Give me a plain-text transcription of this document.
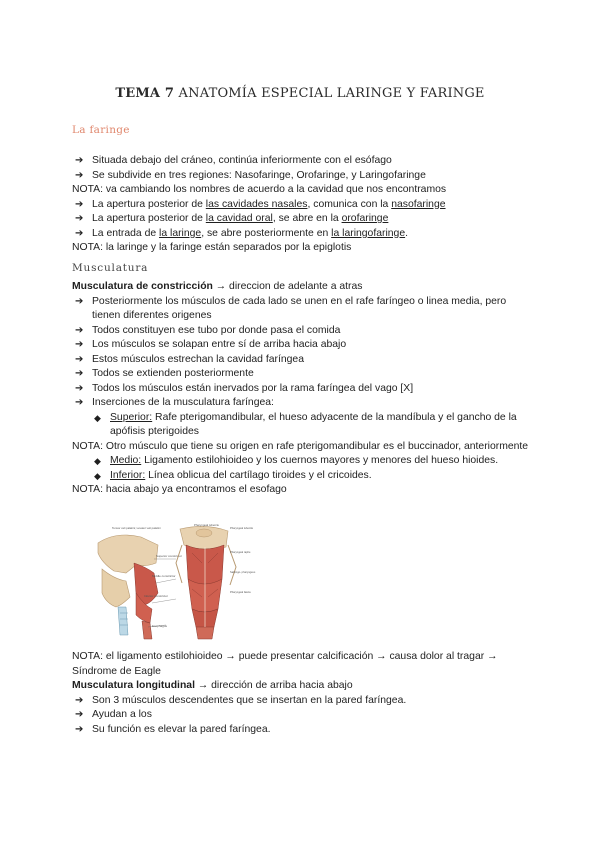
TEMA 7 ANATOMÍA ESPECIAL LARINGE Y FARINGE
La faringe
➔ Situada debajo del cráneo, continúa inferiormente con el esófago
➔ Se subdivide en tres regiones: Nasofaringe, Orofaringe, y Laringofaringe
NOTA: va cambiando los nombres de acuerdo a la cavidad que nos encontramos
➔ La apertura posterior de las cavidades nasales, comunica con la nasofaringe
➔ La apertura posterior de la cavidad oral, se abre en la orofaringe
➔ La entrada de la laringe, se abre posteriormente en la laringofaringe.
NOTA: la laringe y la faringe están separados por la epiglotis
Musculatura
Musculatura de constricción → direccion de adelante a atras
➔ Posteriormente los músculos de cada lado se unen en el rafe faríngeo o linea media, pero tienen diferentes origenes
➔ Todos constituyen ese tubo por donde pasa el comida
➔ Los músculos se solapan entre sí de arriba hacia abajo
➔ Estos músculos estrechan la cavidad faríngea
➔ Todos se extienden posteriormente
➔ Todos los músculos están inervados por la rama faríngea del vago [X]
➔ Inserciones de la musculatura faríngea:
◆ Superior: Rafe pterigomandibular, el hueso adyacente de la mandíbula y el gancho de la apófisis pterigoides
NOTA: Otro músculo que tiene su origen en rafe pterigomandibular es el buccinador, anteriormente
◆ Medio: Ligamento estilohioideo y los cuernos mayores y menores del hueso hioides.
◆ Inferior: Línea oblicua del cartílago tiroides y el cricoides.
NOTA: hacia abajo ya encontramos el esofago
Tensor veli palatini; Levator veli palatini
Superior constrictor
Middle constrictor
Inferior constrictor
Esophagus
Pharyngeal tubercle
Pharyngeal tubercle
Pharyngeal raphe
Salpingo- pharyngeus
Pharyngeal fascia
NOTA: el ligamento estilohioideo → puede presentar calcificación → causa dolor al tragar → Síndrome de Eagle
Musculatura longitudinal → dirección de arriba hacia abajo
➔ Son 3 músculos descendentes que se insertan en la pared faríngea.
➔ Ayudan a los
➔ Su función es elevar la pared faríngea.
